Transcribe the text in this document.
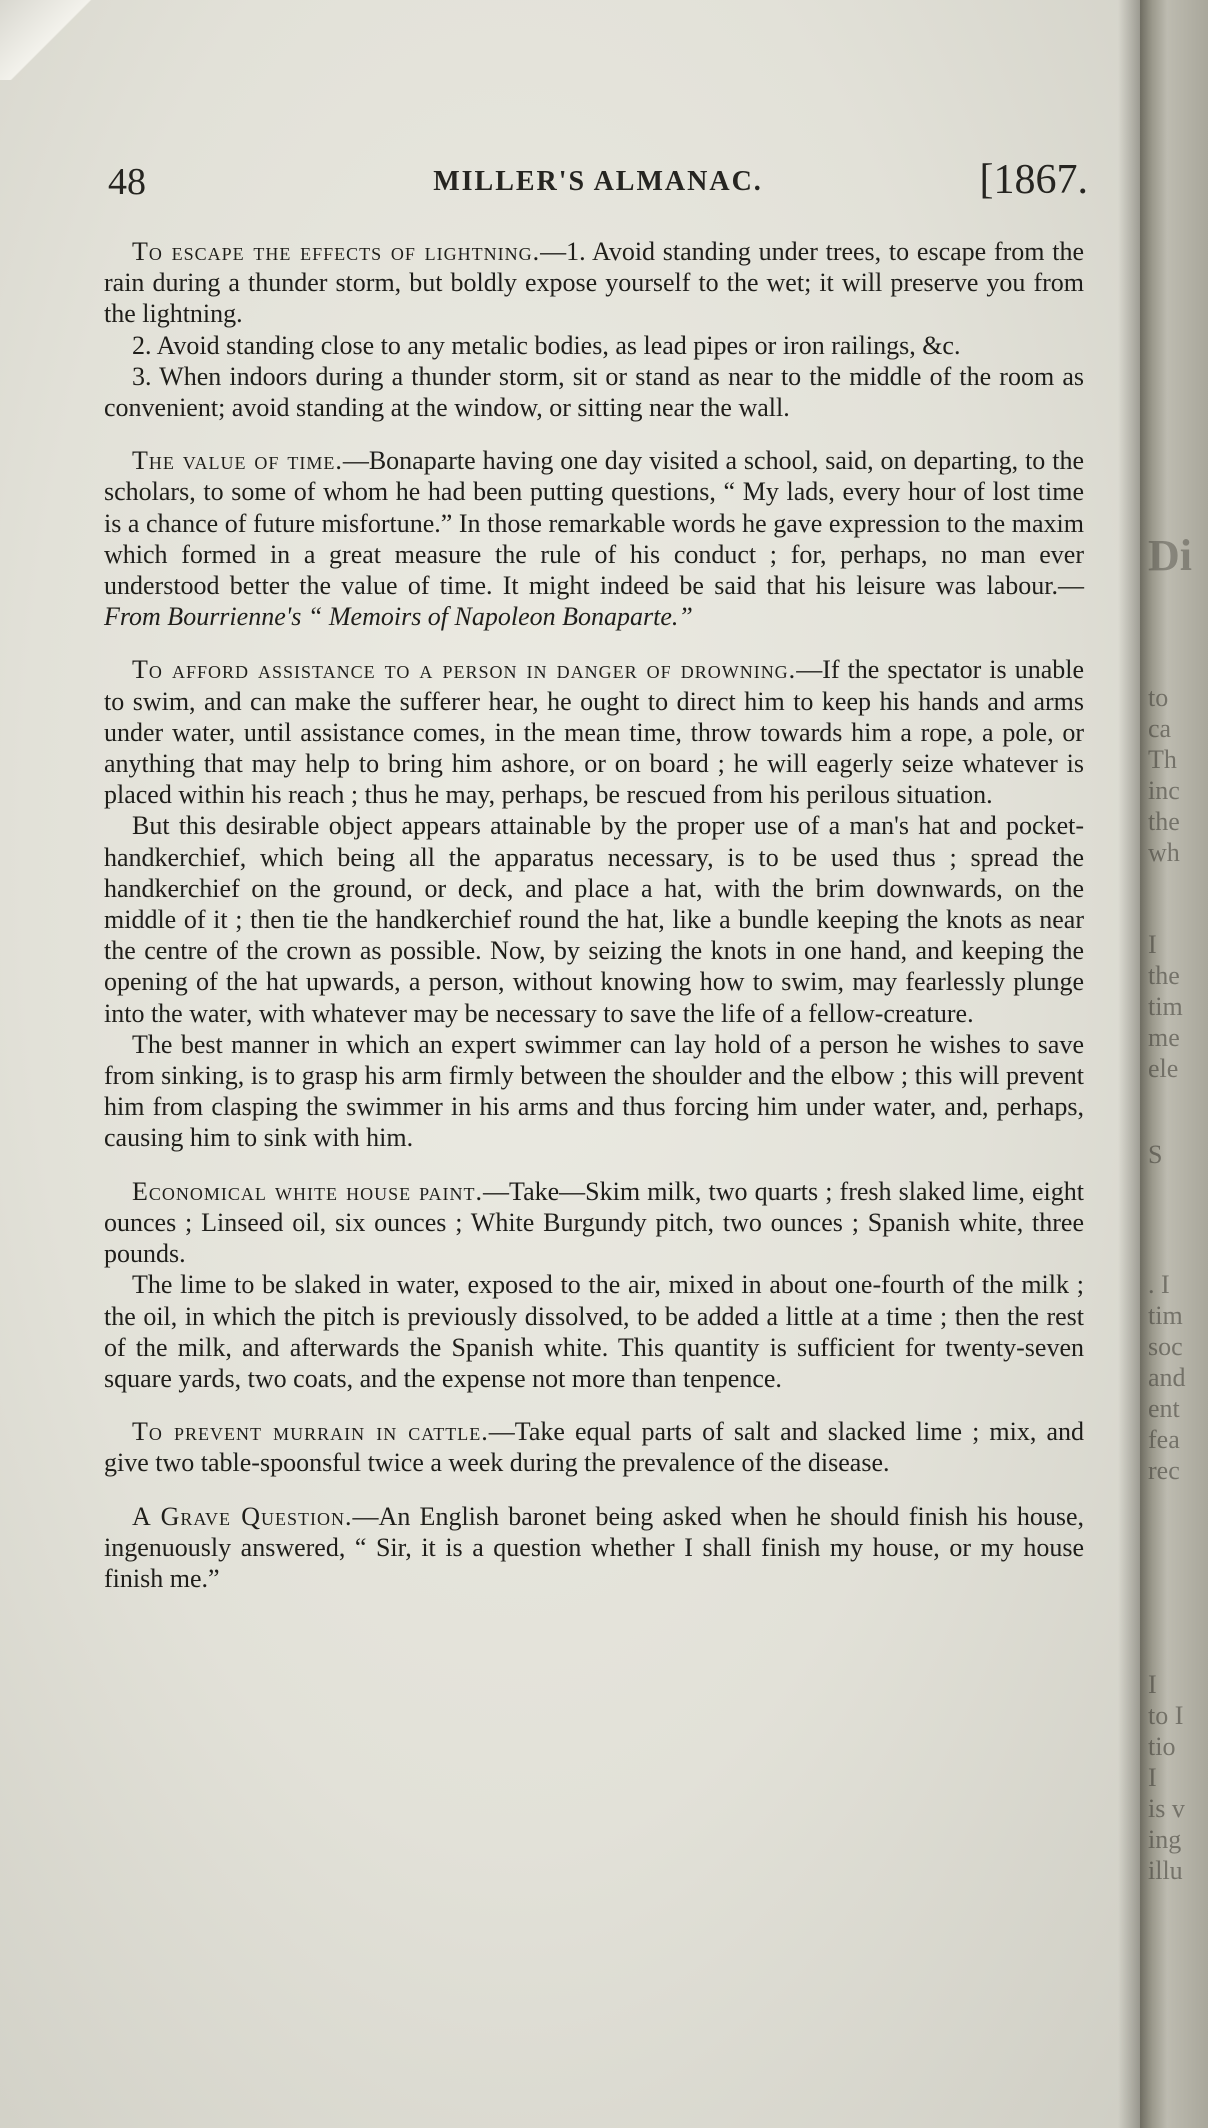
48	MILLER'S ALMANAC.	[1867.

To escape the effects of lightning.—1. Avoid standing under trees, to escape from the rain during a thunder storm, but boldly expose yourself to the wet; it will preserve you from the lightning.

2. Avoid standing close to any metalic bodies, as lead pipes or iron railings, &c.

3. When indoors during a thunder storm, sit or stand as near to the middle of the room as convenient; avoid standing at the window, or sitting near the wall.

The value of time.—Bonaparte having one day visited a school, said, on departing, to the scholars, to some of whom he had been putting questions, “ My lads, every hour of lost time is a chance of future misfortune.” In those remarkable words he gave expression to the maxim which formed in a great measure the rule of his conduct ; for, perhaps, no man ever understood better the value of time. It might indeed be said that his leisure was labour.—From Bourrienne's “ Memoirs of Napoleon Bonaparte.”

To afford assistance to a person in danger of drowning.—If the spectator is unable to swim, and can make the sufferer hear, he ought to direct him to keep his hands and arms under water, until assistance comes, in the mean time, throw towards him a rope, a pole, or anything that may help to bring him ashore, or on board ; he will eagerly seize whatever is placed within his reach ; thus he may, perhaps, be rescued from his perilous situation.

But this desirable object appears attainable by the proper use of a man's hat and pocket-handkerchief, which being all the apparatus necessary, is to be used thus ; spread the handkerchief on the ground, or deck, and place a hat, with the brim downwards, on the middle of it ; then tie the handkerchief round the hat, like a bundle keeping the knots as near the centre of the crown as possible. Now, by seizing the knots in one hand, and keeping the opening of the hat upwards, a person, without knowing how to swim, may fearlessly plunge into the water, with whatever may be necessary to save the life of a fellow-creature.

The best manner in which an expert swimmer can lay hold of a person he wishes to save from sinking, is to grasp his arm firmly between the shoulder and the elbow ; this will prevent him from clasping the swimmer in his arms and thus forcing him under water, and, perhaps, causing him to sink with him.

Economical white house paint.—Take—Skim milk, two quarts ; fresh slaked lime, eight ounces ; Linseed oil, six ounces ; White Burgundy pitch, two ounces ; Spanish white, three pounds.

The lime to be slaked in water, exposed to the air, mixed in about one-fourth of the milk ; the oil, in which the pitch is previously dissolved, to be added a little at a time ; then the rest of the milk, and afterwards the Spanish white. This quantity is sufficient for twenty-seven square yards, two coats, and the expense not more than tenpence.

To prevent murrain in cattle.—Take equal parts of salt and slacked lime ; mix, and give two table-spoonsful twice a week during the prevalence of the disease.

A Grave Question.—An English baronet being asked when he should finish his house, ingenuously answered, “ Sir, it is a question whether I shall finish my house, or my house finish me.”

Di
to
ca
Th
inc
the
wh
I
the
tim
me
ele
S
. I
tim
soc
and
ent
fea
rec
I
to I
tio
I
is v
ing
illu
